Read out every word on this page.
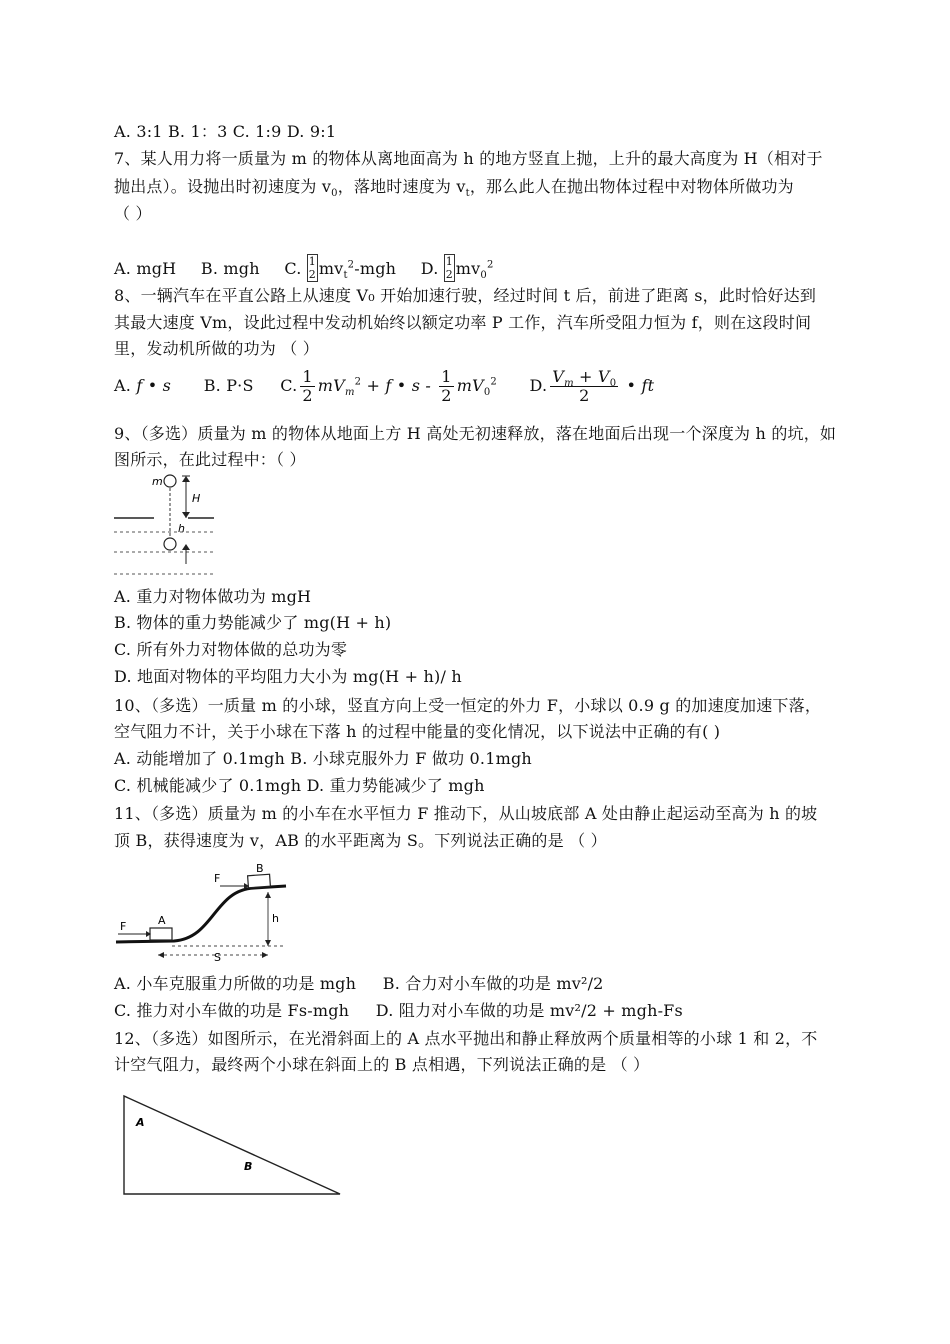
A. 3:1 B. 1：3 C. 1:9 D. 9:1
7、某人用力将一质量为 m 的物体从离地面高为 h 的地方竖直上抛，上升的最大高度为 H（相对于
抛出点）。设抛出时初速度为 $v_0$，落地时速度为 $v_t$，那么此人在抛出物体过程中对物体所做功为
（ ）
A. mgH B. mgh C. 1
2 $mv_t^2$-mgh D. 1
2 $mv_0^2$
8、一辆汽车在平直公路上从速度 V₀ 开始加速行驶，经过时间 t 后，前进了距离 s，此时恰好达到
其最大速度 Vm，设此过程中发动机始终以额定功率 P 工作，汽车所受阻力恒为 f，则在这段时间
里，发动机所做的功为 （ ）
A. f • s B. P·S C. $\frac{1}{2} mV_m^2 + f$ • s - $\frac{1}{2} mV_0^2$ D. $\frac{V_m + V_0}{2}$ • ft
9、（多选）质量为 m 的物体从地面上方 H 高处无初速释放，落在地面后出现一个深度为 h 的坑，如
图所示，在此过程中：（ ）
m
H
h
A. 重力对物体做功为 mgH
B. 物体的重力势能减少了 mg(H + h)
C. 所有外力对物体做的总功为零
D. 地面对物体的平均阻力大小为 mg(H + h)/ h
10、（多选）一质量 m 的小球，竖直方向上受一恒定的外力 F，小球以 0.9 g 的加速度加速下落，
空气阻力不计，关于小球在下落 h 的过程中能量的变化情况，以下说法中正确的有( )
A. 动能增加了 0.1mgh B. 小球克服外力 F 做功 0.1mgh
C. 机械能减少了 0.1mgh D. 重力势能减少了 mgh
11、（多选）质量为 m 的小车在水平恒力 F 推动下，从山坡底部 A 处由静止起运动至高为 h 的坡
顶 B，获得速度为 v，AB 的水平距离为 S。下列说法正确的是 （ ）
F
F
A
B
h
S
A. 小车克服重力所做的功是 mgh B. 合力对小车做的功是 mv²/2
C. 推力对小车做的功是 Fs-mgh D. 阻力对小车做的功是 mv²/2 + mgh-Fs
12、（多选）如图所示，在光滑斜面上的 A 点水平抛出和静止释放两个质量相等的小球 1 和 2，不
计空气阻力，最终两个小球在斜面上的 B 点相遇，下列说法正确的是 （ ）
A
B
